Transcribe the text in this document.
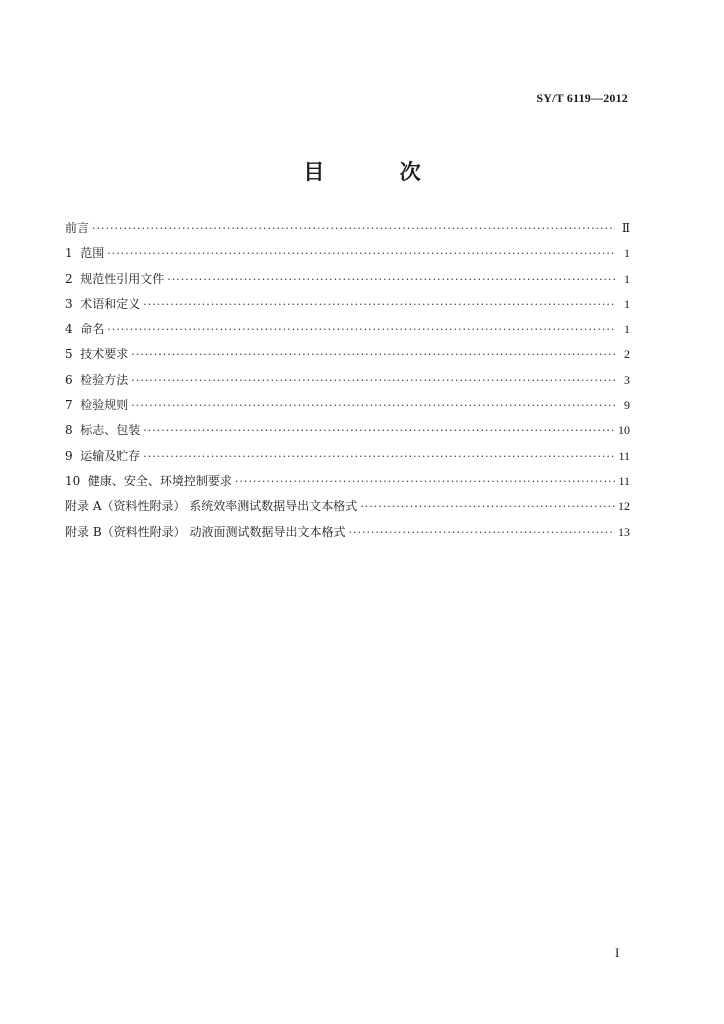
SY/T 6119—2012
目 次
前言 ·····	Ⅱ
1  范围 ·····	1
2  规范性引用文件 ·····	1
3  术语和定义 ·····	1
4  命名 ·····	1
5  技术要求 ·····	2
6  检验方法 ·····	3
7  检验规则 ·····	9
8  标志、包装 ·····	10
9  运输及贮存 ·····	11
10  健康、安全、环境控制要求 ·····	11
附录 A（资料性附录） 系统效率测试数据导出文本格式 ·····	12
附录 B（资料性附录） 动液面测试数据导出文本格式 ·····	13
I
